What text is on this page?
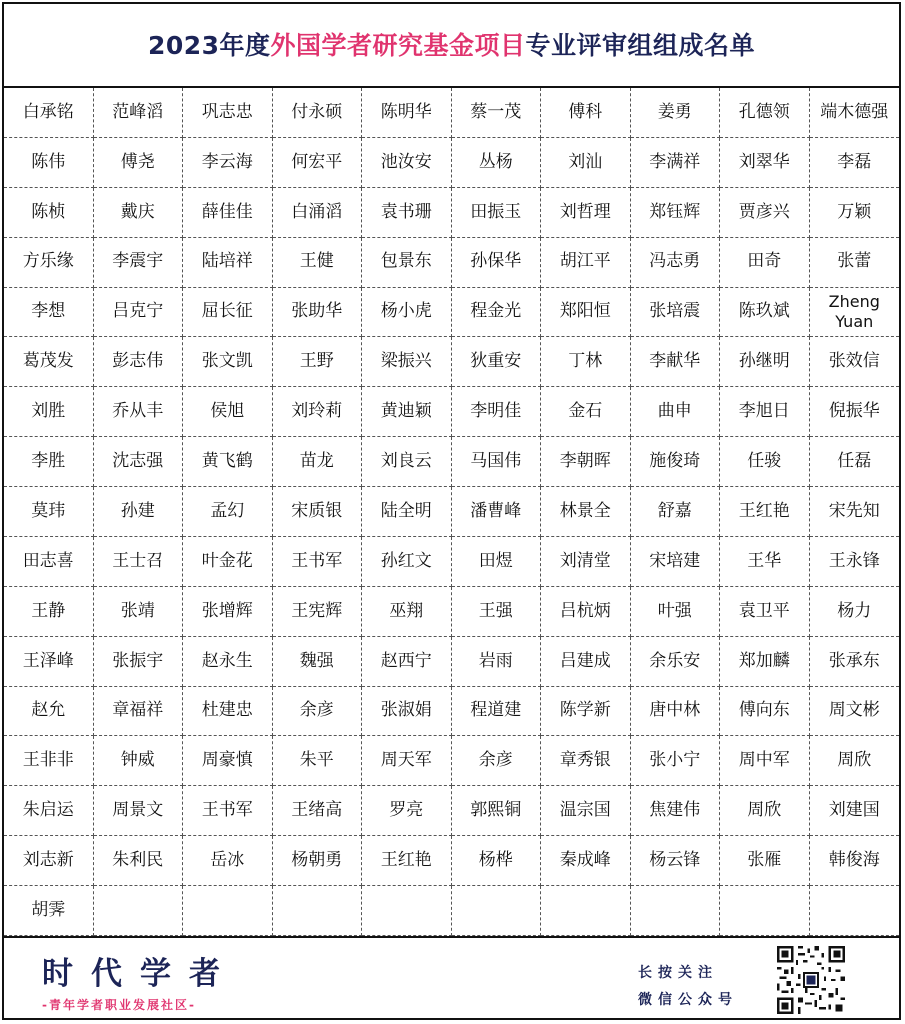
2023年度 外国学者研究基金项目 专业评审组组成名单
白承铭	范峰滔	巩志忠	付永硕	陈明华	蔡一茂	傅科	姜勇	孔德领	端木德强
陈伟	傅尧	李云海	何宏平	池汝安	丛杨	刘汕	李满祥	刘翠华	李磊
陈桢	戴庆	薛佳佳	白涌滔	袁书珊	田振玉	刘哲理	郑钰辉	贾彦兴	万颖
方乐缘	李震宇	陆培祥	王健	包景东	孙保华	胡江平	冯志勇	田奇	张蕾
李想	吕克宁	屈长征	张助华	杨小虎	程金光	郑阳恒	张培震	陈玖斌	Zheng
Yuan
葛茂发	彭志伟	张文凯	王野	梁振兴	狄重安	丁林	李献华	孙继明	张效信
刘胜	乔从丰	侯旭	刘玲莉	黄迪颖	李明佳	金石	曲申	李旭日	倪振华
李胜	沈志强	黄飞鹤	苗龙	刘良云	马国伟	李朝晖	施俊琦	任骏	任磊
莫玮	孙建	孟幻	宋质银	陆全明	潘曹峰	林景全	舒嘉	王红艳	宋先知
田志喜	王士召	叶金花	王书军	孙红文	田煜	刘清堂	宋培建	王华	王永锋
王静	张靖	张增辉	王宪辉	巫翔	王强	吕杭炳	叶强	袁卫平	杨力
王泽峰	张振宇	赵永生	魏强	赵西宁	岩雨	吕建成	余乐安	郑加麟	张承东
赵允	章福祥	杜建忠	余彦	张淑娟	程道建	陈学新	唐中林	傅向东	周文彬
王非非	钟威	周豪慎	朱平	周天军	余彦	章秀银	张小宁	周中军	周欣
朱启运	周景文	王书军	王绪高	罗亮	郭熙铜	温宗国	焦建伟	周欣	刘建国
刘志新	朱利民	岳冰	杨朝勇	王红艳	杨桦	秦成峰	杨云锋	张雁	韩俊海
胡霁
时代学者
-青年学者职业发展社区-
长按关注
微信公众号
